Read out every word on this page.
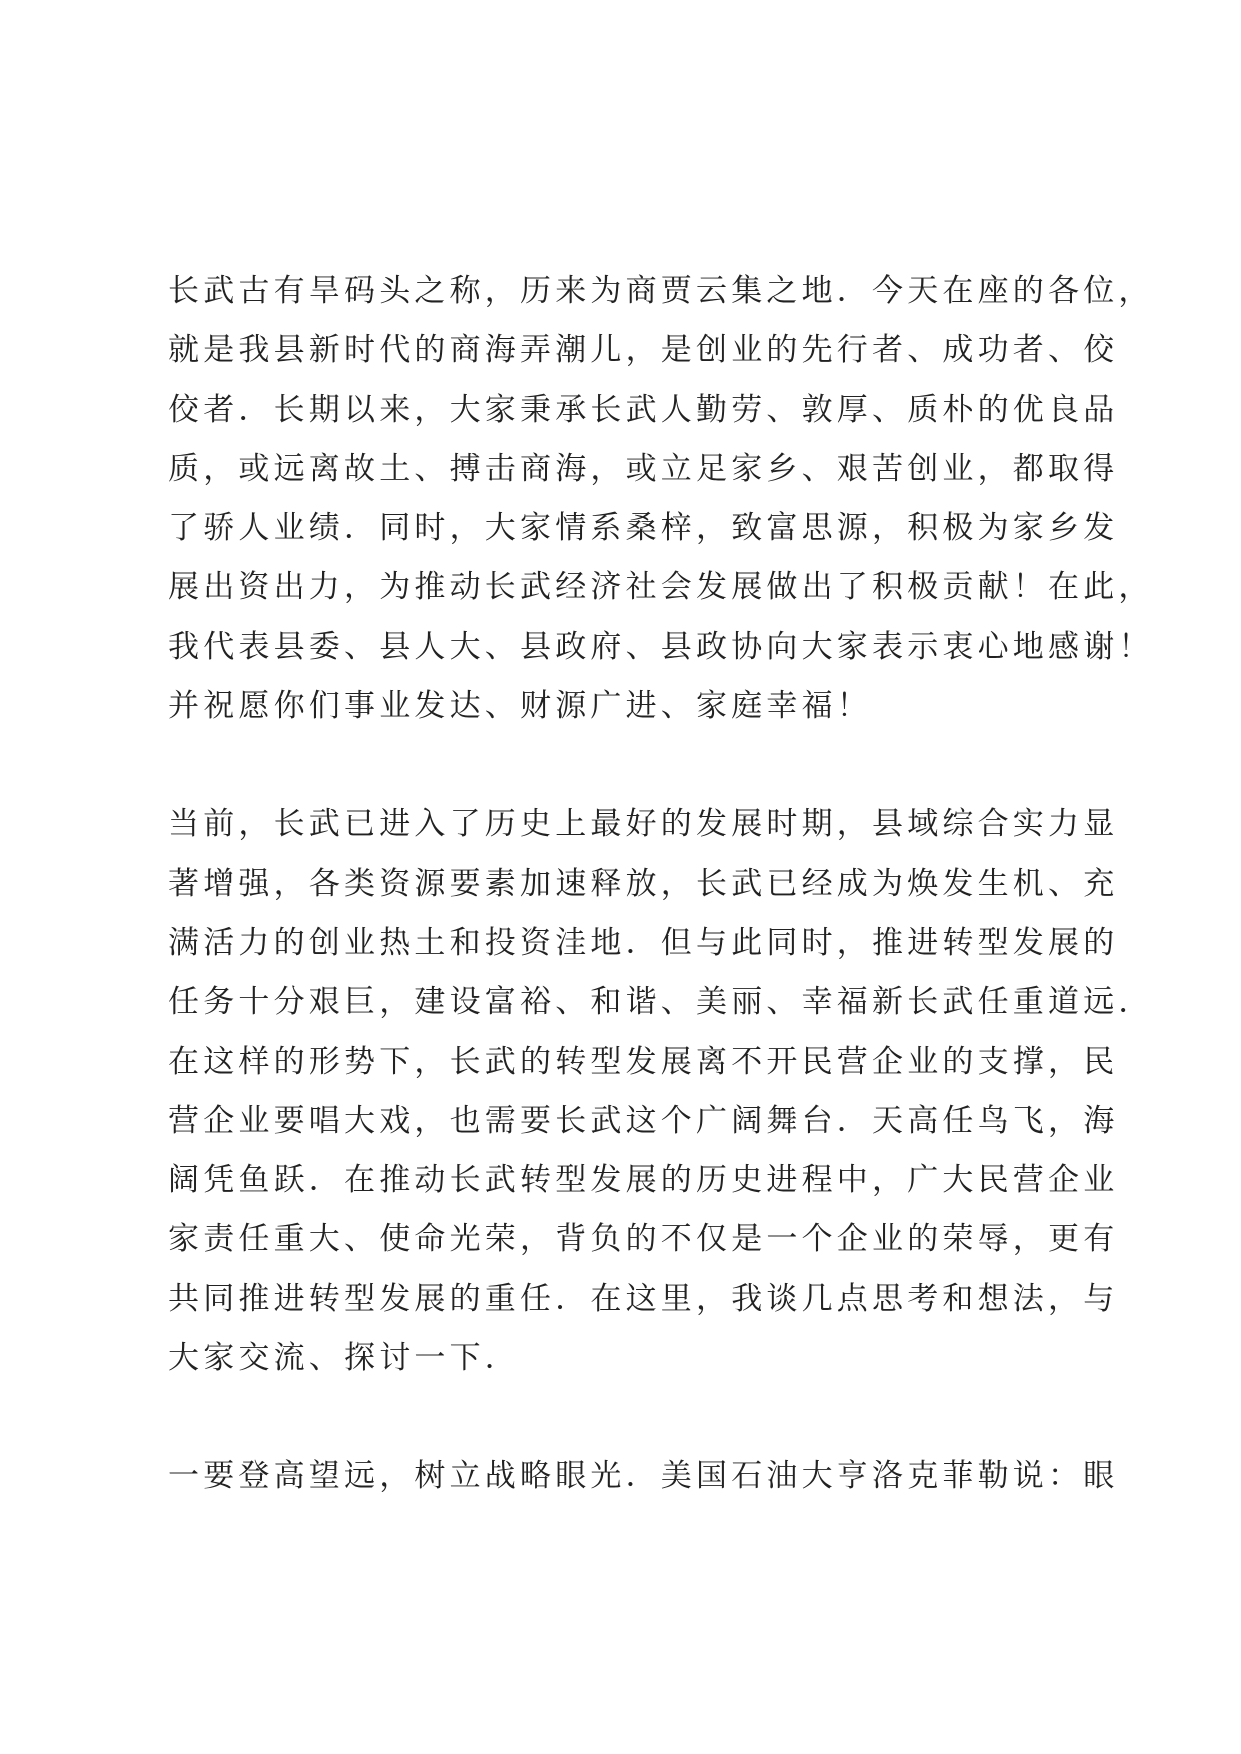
长武古有旱码头之称，历来为商贾云集之地．今天在座的各位，
就是我县新时代的商海弄潮儿，是创业的先行者、成功者、佼
佼者．长期以来，大家秉承长武人勤劳、敦厚、质朴的优良品
质，或远离故土、搏击商海，或立足家乡、艰苦创业，都取得
了骄人业绩．同时，大家情系桑梓，致富思源，积极为家乡发
展出资出力，为推动长武经济社会发展做出了积极贡献！在此，
我代表县委、县人大、县政府、县政协向大家表示衷心地感谢！
并祝愿你们事业发达、财源广进、家庭幸福！

当前，长武已进入了历史上最好的发展时期，县域综合实力显
著增强，各类资源要素加速释放，长武已经成为焕发生机、充
满活力的创业热土和投资洼地．但与此同时，推进转型发展的
任务十分艰巨，建设富裕、和谐、美丽、幸福新长武任重道远．
在这样的形势下，长武的转型发展离不开民营企业的支撑，民
营企业要唱大戏，也需要长武这个广阔舞台．天高任鸟飞，海
阔凭鱼跃．在推动长武转型发展的历史进程中，广大民营企业
家责任重大、使命光荣，背负的不仅是一个企业的荣辱，更有
共同推进转型发展的重任．在这里，我谈几点思考和想法，与
大家交流、探讨一下．

一要登高望远，树立战略眼光．美国石油大亨洛克菲勒说：眼
